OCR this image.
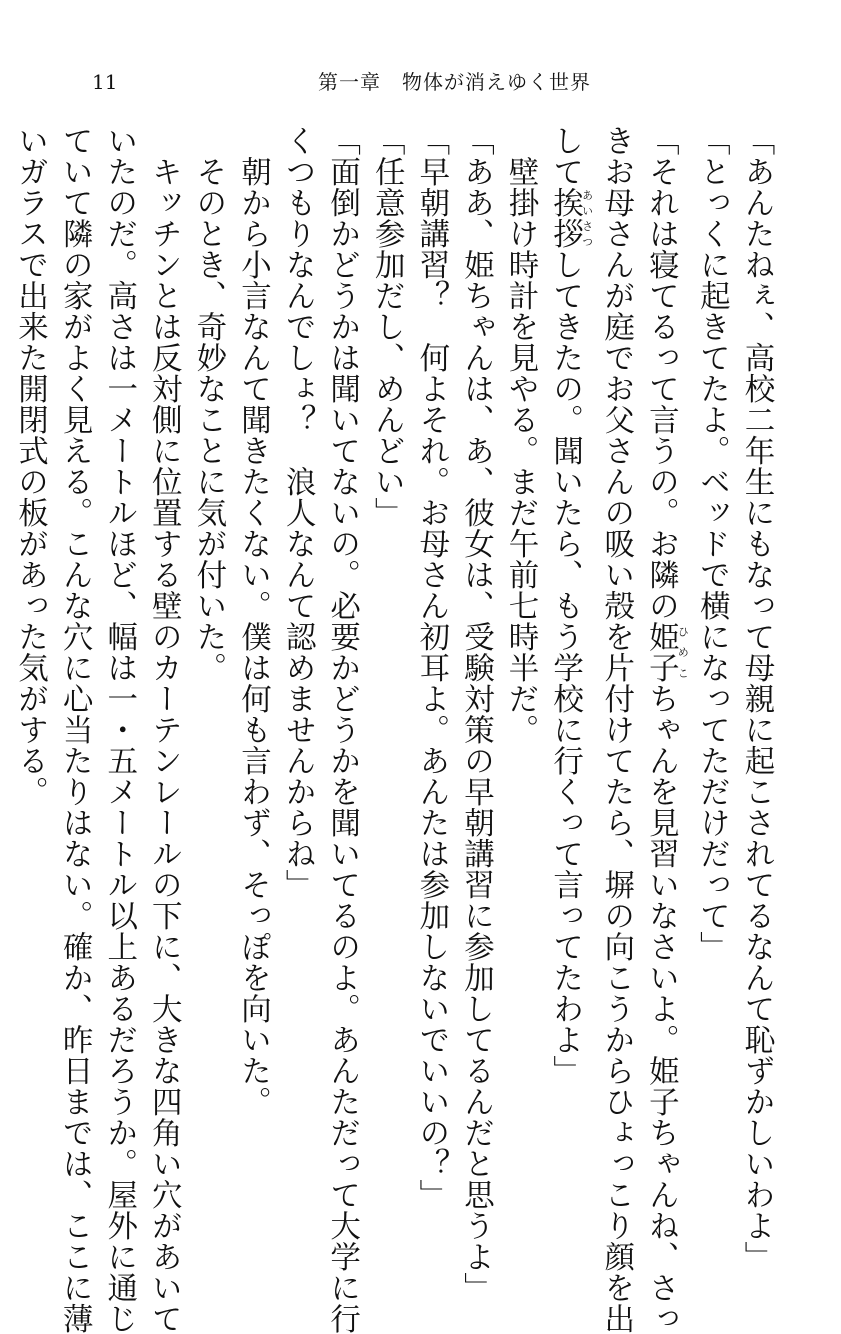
11	第一章　物体が消えゆく世界

「あんたねぇ、高校二年生にもなって母親に起こされてるなんて恥ずかしいわよ」

「とっくに起きてたよ。ベッドで横になってただけだって」

「それは寝てるって言うの。お隣の姫子ひめこちゃんを見習いなさいよ。姫子ちゃんね、さっ

きお母さんが庭でお父さんの吸い殻を片付けてたら、塀の向こうからひょっこり顔を出

して挨拶あいさつしてきたの。聞いたら、もう学校に行くって言ってたわよ」

　壁掛け時計を見やる。まだ午前七時半だ。

「ああ、姫ちゃんは、あ、彼女は、受験対策の早朝講習に参加してるんだと思うよ」

「早朝講習？　何よそれ。お母さん初耳よ。あんたは参加しないでいいの？」

「任意参加だし、めんどい」

「面倒かどうかは聞いてないの。必要かどうかを聞いてるのよ。あんただって大学に行

くつもりなんでしょ？　浪人なんて認めませんからね」

　朝から小言なんて聞きたくない。僕は何も言わず、そっぽを向いた。

　そのとき、奇妙なことに気が付いた。

　キッチンとは反対側に位置する壁のカーテンレールの下に、大きな四角い穴があいて

いたのだ。高さは一メートルほど、幅は一・五メートル以上あるだろうか。屋外に通じ

ていて隣の家がよく見える。こんな穴に心当たりはない。確か、昨日までは、ここに薄

いガラスで出来た開閉式の板があった気がする。
